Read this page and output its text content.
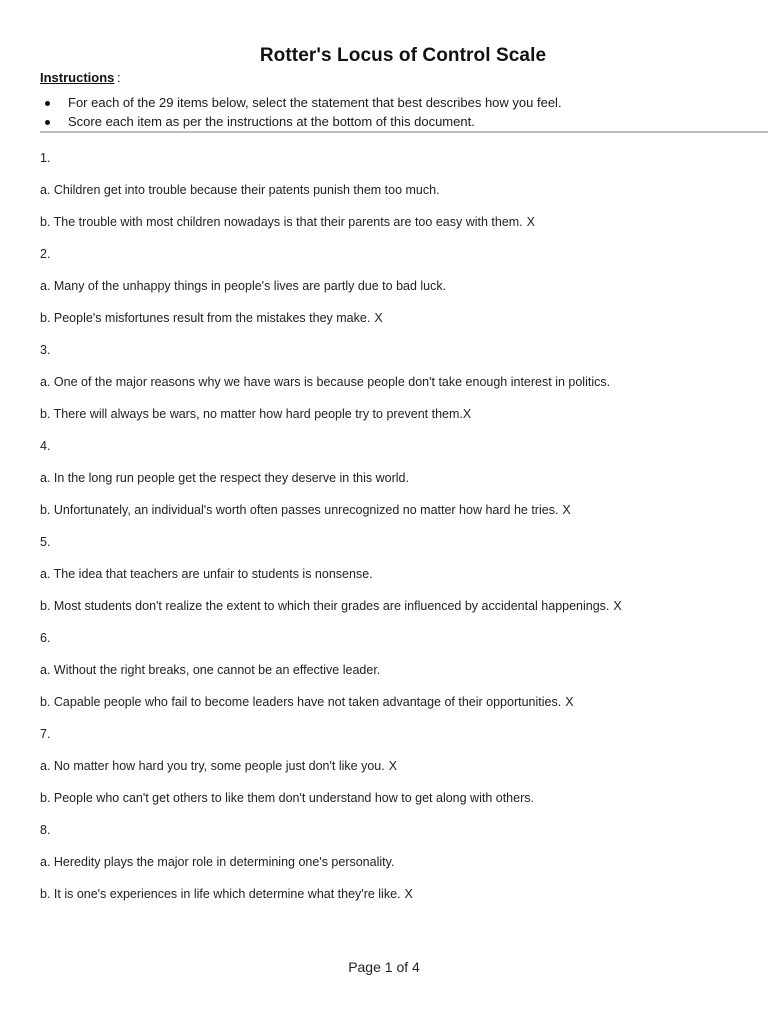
Rotter's Locus of Control Scale
Instructions :
For each of the 29 items below, select the statement that best describes how you feel.
Score each item as per the instructions at the bottom of this document.
1.
a. Children get into trouble because their patents punish them too much.
b. The trouble with most children nowadays is that their parents are too easy with them. X
2.
a. Many of the unhappy things in people's lives are partly due to bad luck.
b. People's misfortunes result from the mistakes they make. X
3.
a. One of the major reasons why we have wars is because people don't take enough interest in politics.
b. There will always be wars, no matter how hard people try to prevent them.X
4.
a. In the long run people get the respect they deserve in this world.
b. Unfortunately, an individual's worth often passes unrecognized no matter how hard he tries. X
5.
a. The idea that teachers are unfair to students is nonsense.
b. Most students don't realize the extent to which their grades are influenced by accidental happenings. X
6.
a. Without the right breaks, one cannot be an effective leader.
b. Capable people who fail to become leaders have not taken advantage of their opportunities. X
7.
a. No matter how hard you try, some people just don't like you. X
b. People who can't get others to like them don't understand how to get along with others.
8.
a. Heredity plays the major role in determining one's personality.
b. It is one's experiences in life which determine what they're like. X
Page 1 of 4
